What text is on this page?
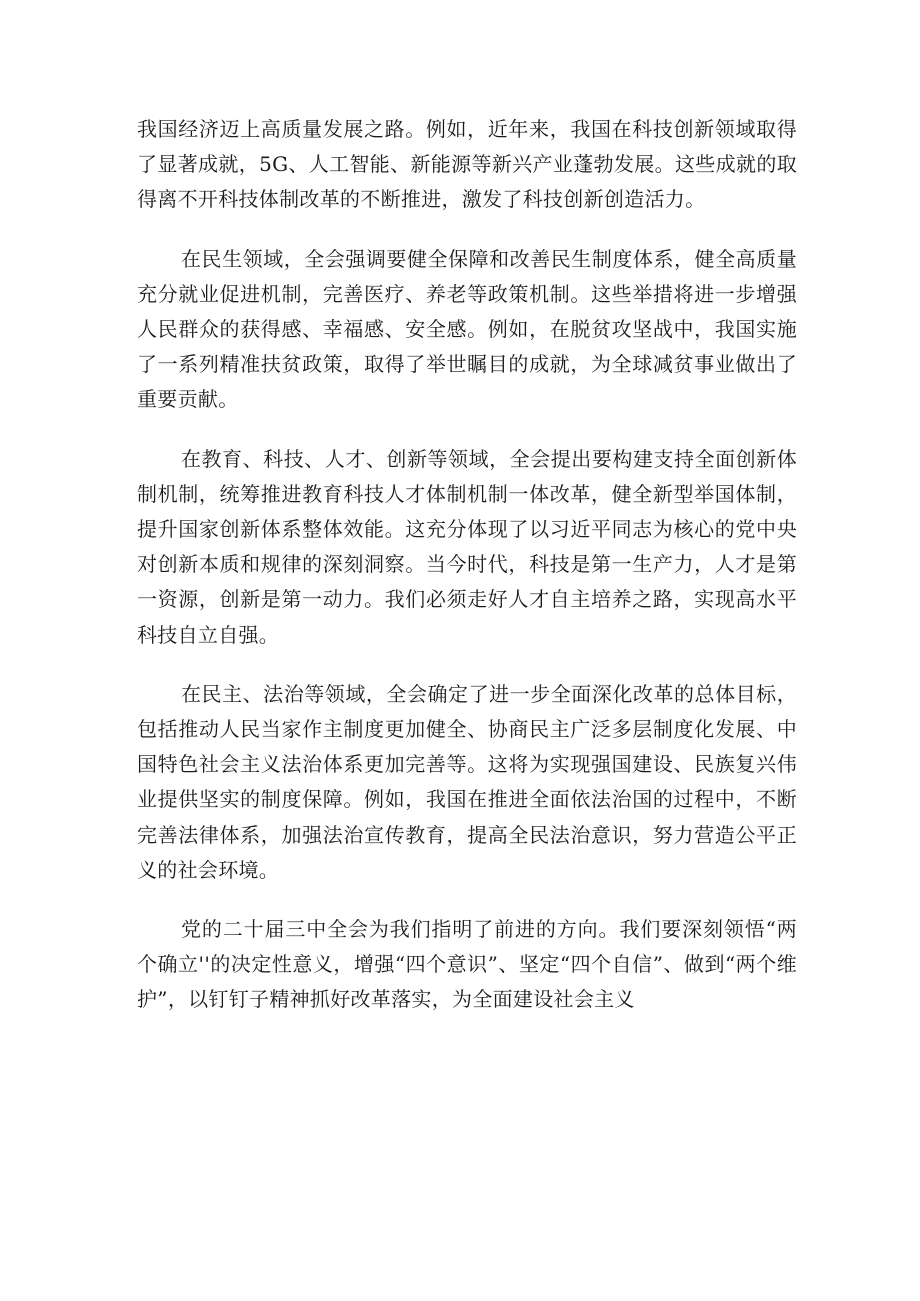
我国经济迈上高质量发展之路。例如，近年来，我国在科技创新领域取得了显著成就，5G、人工智能、新能源等新兴产业蓬勃发展。这些成就的取得离不开科技体制改革的不断推进，激发了科技创新创造活力。

在民生领域，全会强调要健全保障和改善民生制度体系，健全高质量充分就业促进机制，完善医疗、养老等政策机制。这些举措将进一步增强人民群众的获得感、幸福感、安全感。例如，在脱贫攻坚战中，我国实施了一系列精准扶贫政策，取得了举世瞩目的成就，为全球减贫事业做出了重要贡献。

在教育、科技、人才、创新等领域，全会提出要构建支持全面创新体制机制，统筹推进教育科技人才体制机制一体改革，健全新型举国体制，提升国家创新体系整体效能。这充分体现了以习近平同志为核心的党中央对创新本质和规律的深刻洞察。当今时代，科技是第一生产力，人才是第一资源，创新是第一动力。我们必须走好人才自主培养之路，实现高水平科技自立自强。

在民主、法治等领域，全会确定了进一步全面深化改革的总体目标，包括推动人民当家作主制度更加健全、协商民主广泛多层制度化发展、中国特色社会主义法治体系更加完善等。这将为实现强国建设、民族复兴伟业提供坚实的制度保障。例如，我国在推进全面依法治国的过程中，不断完善法律体系，加强法治宣传教育，提高全民法治意识，努力营造公平正义的社会环境。

党的二十届三中全会为我们指明了前进的方向。我们要深刻领悟“两个确立''的决定性意义，增强“四个意识”、坚定“四个自信”、做到“两个维护”，以钉钉子精神抓好改革落实，为全面建设社会主义
